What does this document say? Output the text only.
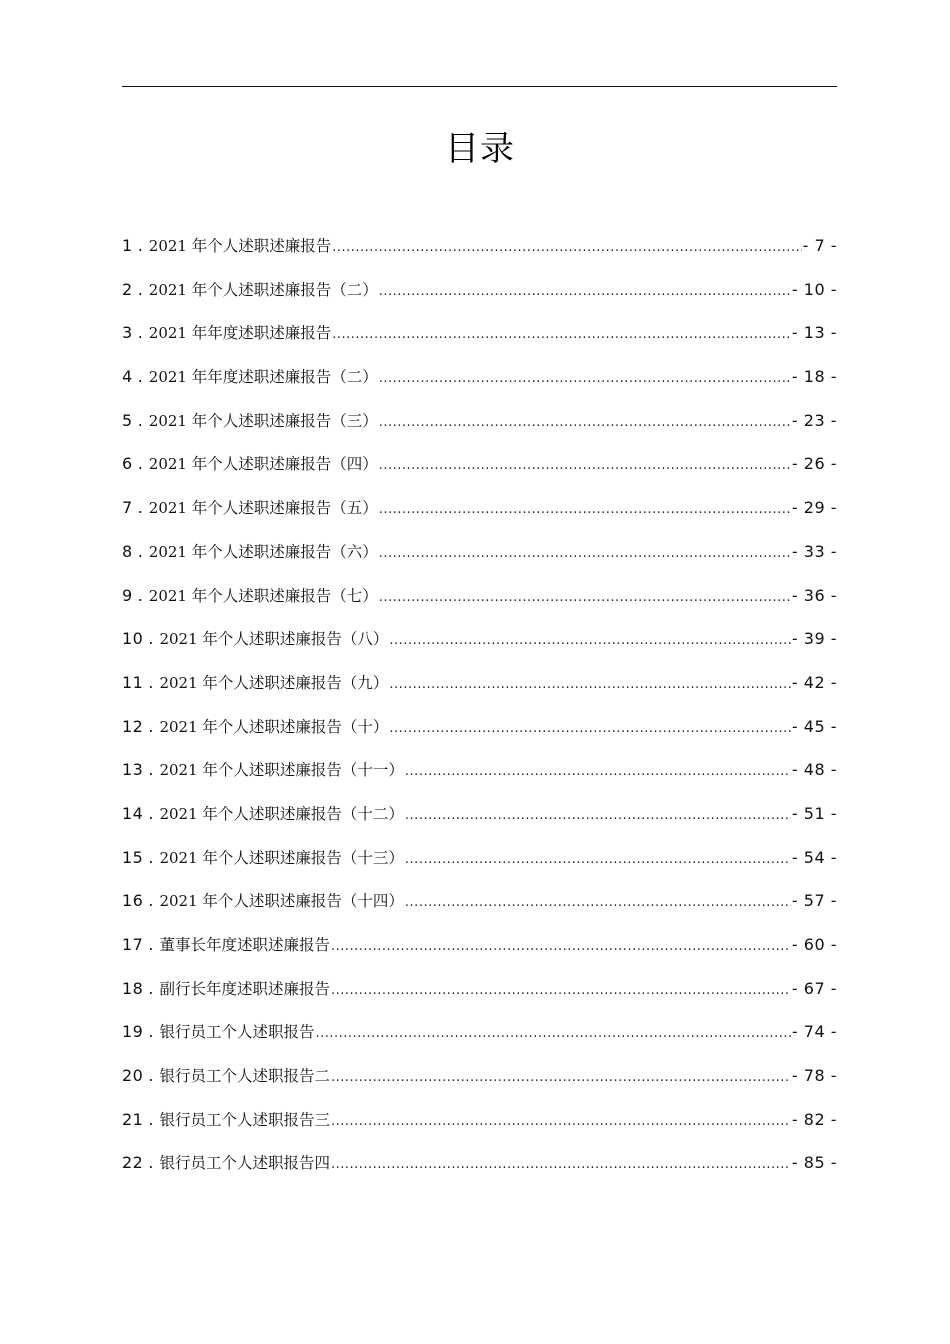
目录
1 . 2021 年个人述职述廉报告 .....	- 7 -
2 . 2021 年个人述职述廉报告（二） .....	- 10 -
3 . 2021 年年度述职述廉报告 .....	- 13 -
4 . 2021 年年度述职述廉报告（二） .....	- 18 -
5 . 2021 年个人述职述廉报告（三） .....	- 23 -
6 . 2021 年个人述职述廉报告（四） .....	- 26 -
7 . 2021 年个人述职述廉报告（五） .....	- 29 -
8 . 2021 年个人述职述廉报告（六） .....	- 33 -
9 . 2021 年个人述职述廉报告（七） .....	- 36 -
10 . 2021 年个人述职述廉报告（八） .....	- 39 -
11 . 2021 年个人述职述廉报告（九） .....	- 42 -
12 . 2021 年个人述职述廉报告（十） .....	- 45 -
13 . 2021 年个人述职述廉报告（十一） .....	- 48 -
14 . 2021 年个人述职述廉报告（十二） .....	- 51 -
15 . 2021 年个人述职述廉报告（十三） .....	- 54 -
16 . 2021 年个人述职述廉报告（十四） .....	- 57 -
17 . 董事长年度述职述廉报告 .....	- 60 -
18 . 副行长年度述职述廉报告 .....	- 67 -
19 . 银行员工个人述职报告 .....	- 74 -
20 . 银行员工个人述职报告二 .....	- 78 -
21 . 银行员工个人述职报告三 .....	- 82 -
22 . 银行员工个人述职报告四 .....	- 85 -
